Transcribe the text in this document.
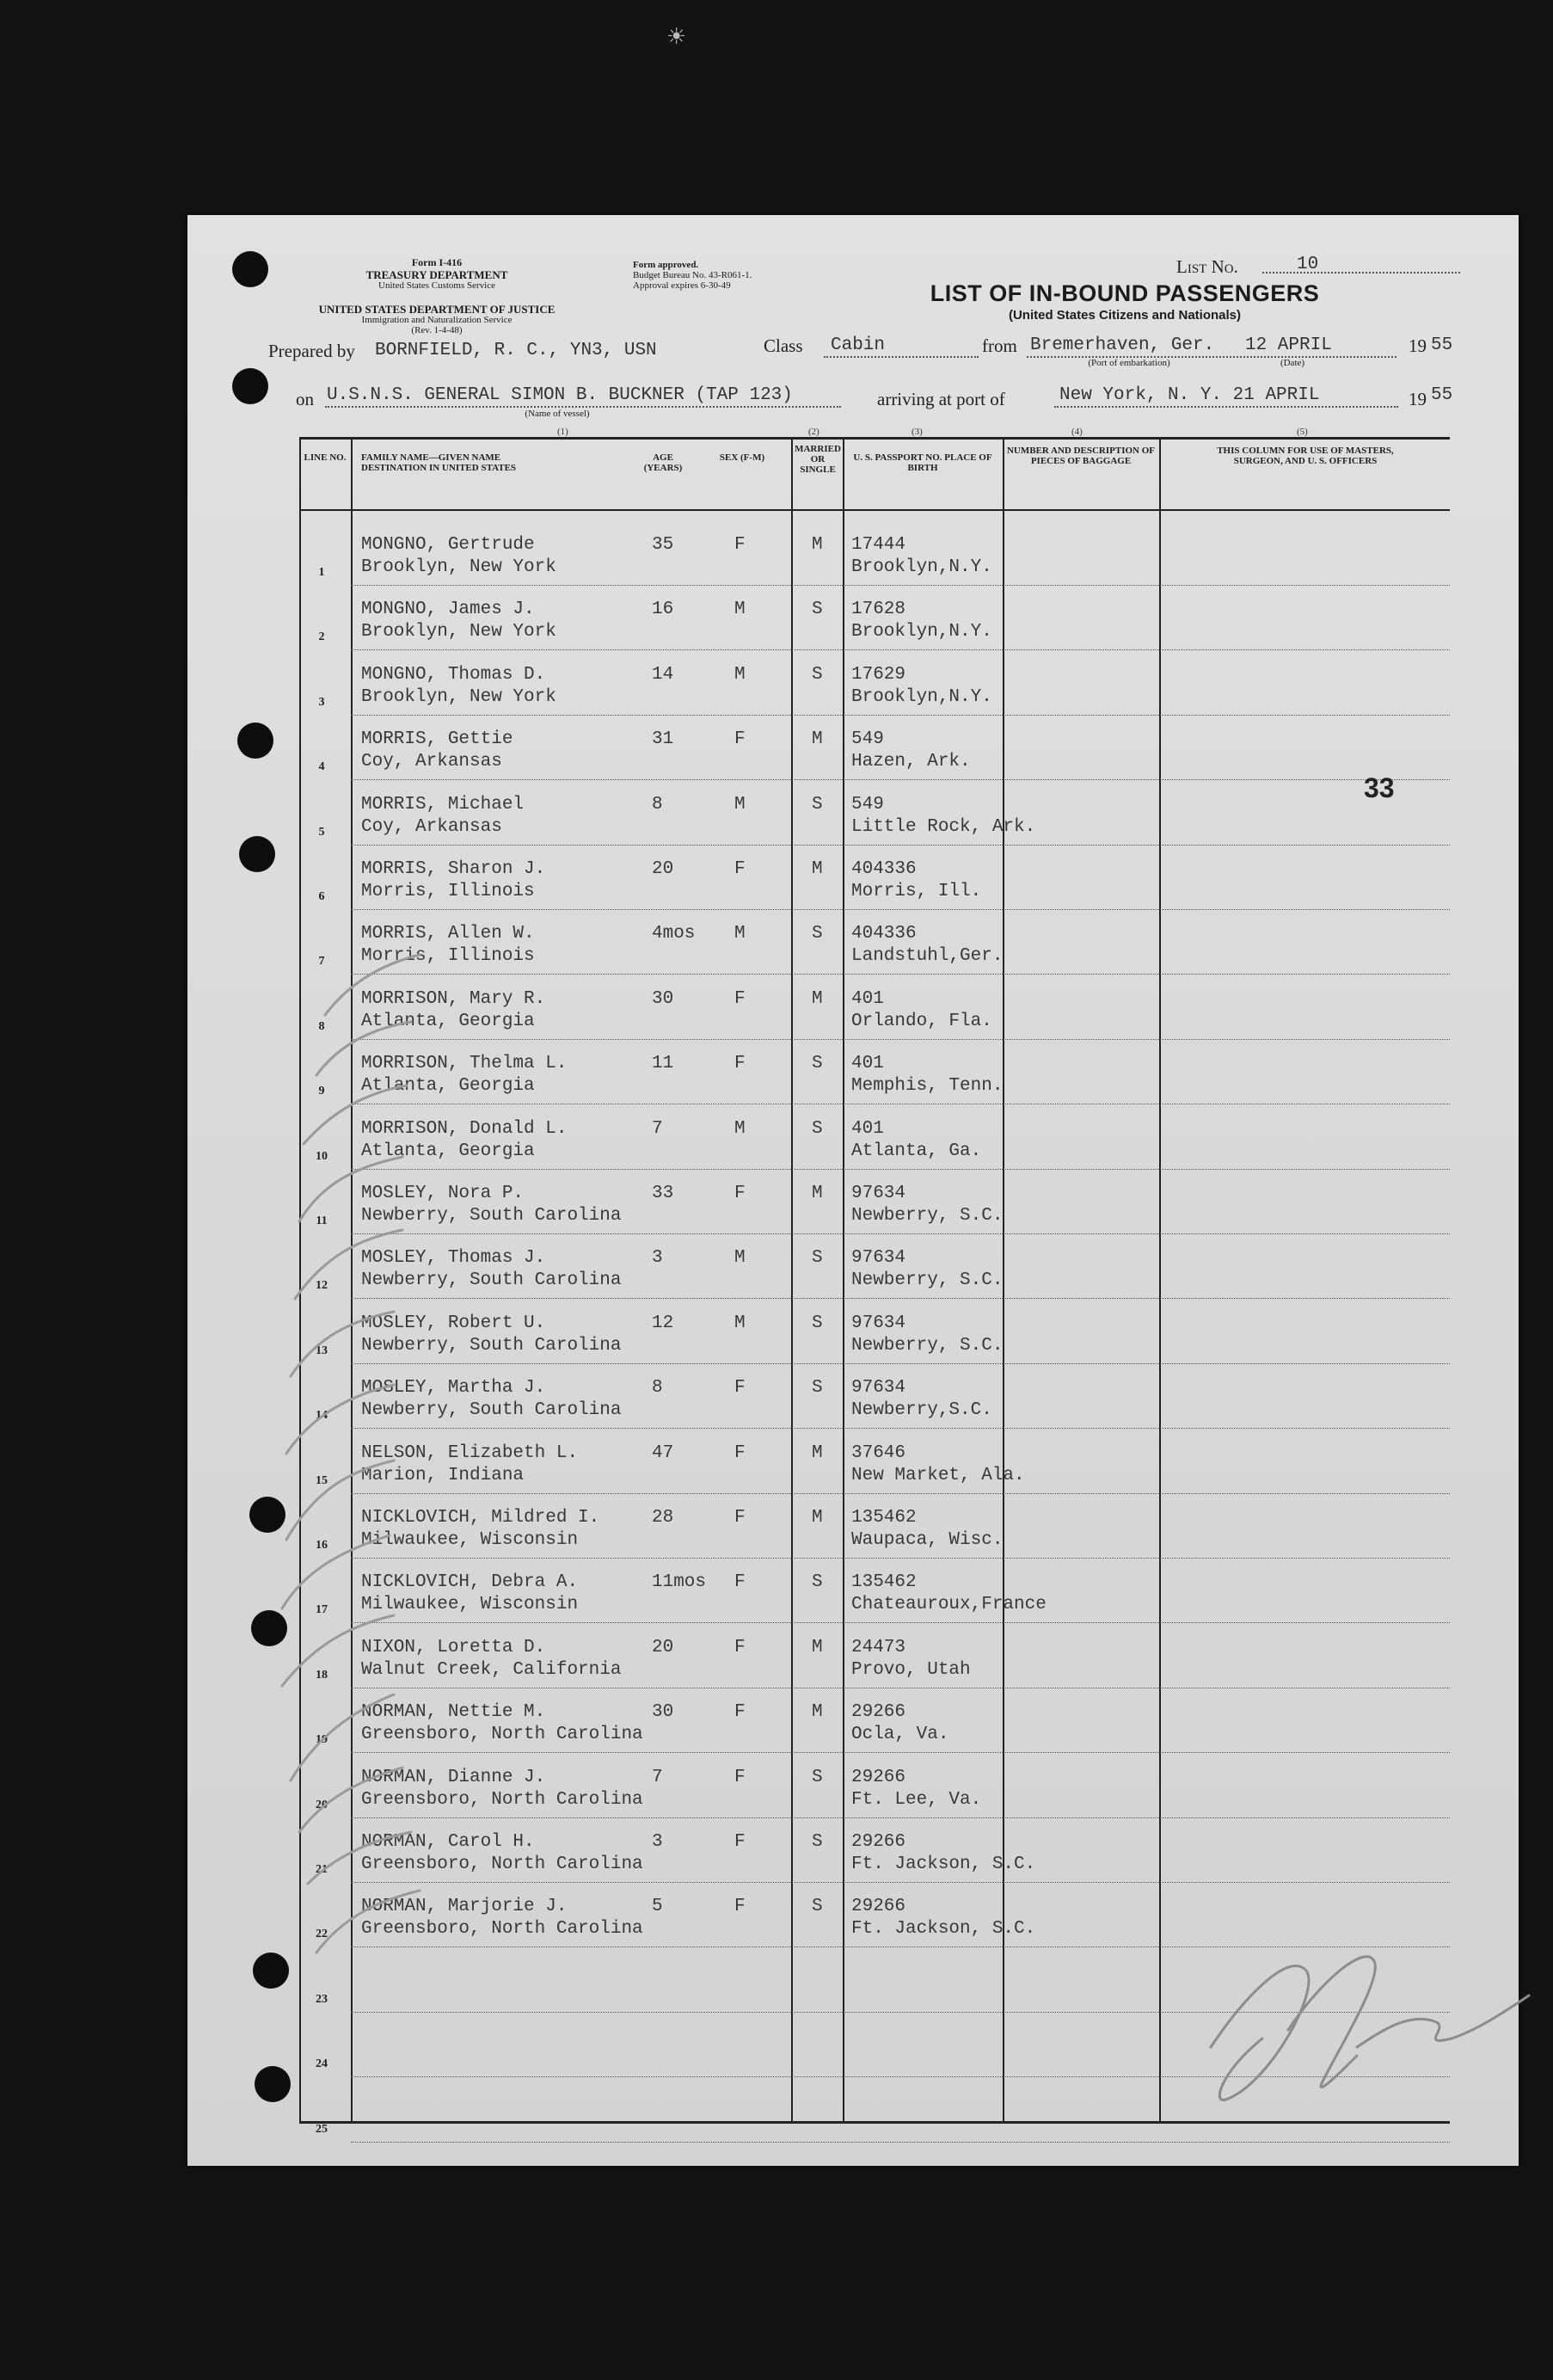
☀
Form I-416
TREASURY DEPARTMENT
United States Customs Service
UNITED STATES DEPARTMENT OF JUSTICE
Immigration and Naturalization Service
(Rev. 1-4-48)
Form approved.
Budget Bureau No. 43-R061-1.
Approval expires 6-30-49
List No.	10
LIST OF IN-BOUND PASSENGERS
(United States Citizens and Nationals)
Prepared by BORNFIELD, R. C., YN3, USN	Class Cabin	from Bremerhaven, Ger. 12 APRIL	19 55
(Port of embarkation)	(Date)
on U.S.N.S. GENERAL SIMON B. BUCKNER (TAP 123)	arriving at port of	New York, N. Y. 21 APRIL	19 55
(Name of vessel)
(1)	(2)	(3)	(4)	(5)
LINE NO. FAMILY NAME—GIVEN NAME DESTINATION IN UNITED STATES
AGE (YEARS)
SEX (F-M)
MARRIED OR SINGLE
U. S. PASSPORT NO. PLACE OF BIRTH
NUMBER AND DESCRIPTION OF PIECES OF BAGGAGE
THIS COLUMN FOR USE OF MASTERS, SURGEON, AND U. S. OFFICERS
1
MONGNO, Gertrude
Brooklyn, New York
35	F	M 17444
Brooklyn,N.Y.
2
MONGNO, James J.
Brooklyn, New York
16	M	S 17628
Brooklyn,N.Y.
3
MONGNO, Thomas D.
Brooklyn, New York
14	M	S 17629
Brooklyn,N.Y.
4
MORRIS, Gettie
Coy, Arkansas
31	F	M 549
Hazen, Ark.
5
MORRIS, Michael
Coy, Arkansas
8	M	S 549
Little Rock, Ark.
6
MORRIS, Sharon J.
Morris, Illinois
20	F	M 404336
Morris, Ill.
7
MORRIS, Allen W.
Morris, Illinois
4mos M	S 404336
Landstuhl,Ger.
8
MORRISON, Mary R.
Atlanta, Georgia
30	F	M 401
Orlando, Fla.
9
MORRISON, Thelma L.
Atlanta, Georgia
11	F	S 401
Memphis, Tenn.
10
MORRISON, Donald L.
Atlanta, Georgia
7	M	S 401
Atlanta, Ga.
11
MOSLEY, Nora P.
Newberry, South Carolina
33	F	M 97634
Newberry, S.C.
12
MOSLEY, Thomas J.
Newberry, South Carolina
3	M	S 97634
Newberry, S.C.
13
MOSLEY, Robert U.
Newberry, South Carolina
12	M	S 97634
Newberry, S.C.
14
MOSLEY, Martha J.
Newberry, South Carolina
8	F	S 97634
Newberry,S.C.
15
NELSON, Elizabeth L.
Marion, Indiana
47	F	M 37646
New Market, Ala.
16
NICKLOVICH, Mildred I.
Milwaukee, Wisconsin
28	F	M 135462
Waupaca, Wisc.
17
NICKLOVICH, Debra A.
Milwaukee, Wisconsin
11mos F	S 135462
Chateauroux,France
18
NIXON, Loretta D.
Walnut Creek, California
20	F	M 24473
Provo, Utah
19
NORMAN, Nettie M.
Greensboro, North Carolina
30	F	M 29266
Ocla, Va.
20
NORMAN, Dianne J.
Greensboro, North Carolina
7	F	S 29266
Ft. Lee, Va.
21
NORMAN, Carol H.
Greensboro, North Carolina
3	F	S 29266
Ft. Jackson, S.C.
22
NORMAN, Marjorie J.
Greensboro, North Carolina
5	F	S 29266
Ft. Jackson, S.C.
23
24
25
33
